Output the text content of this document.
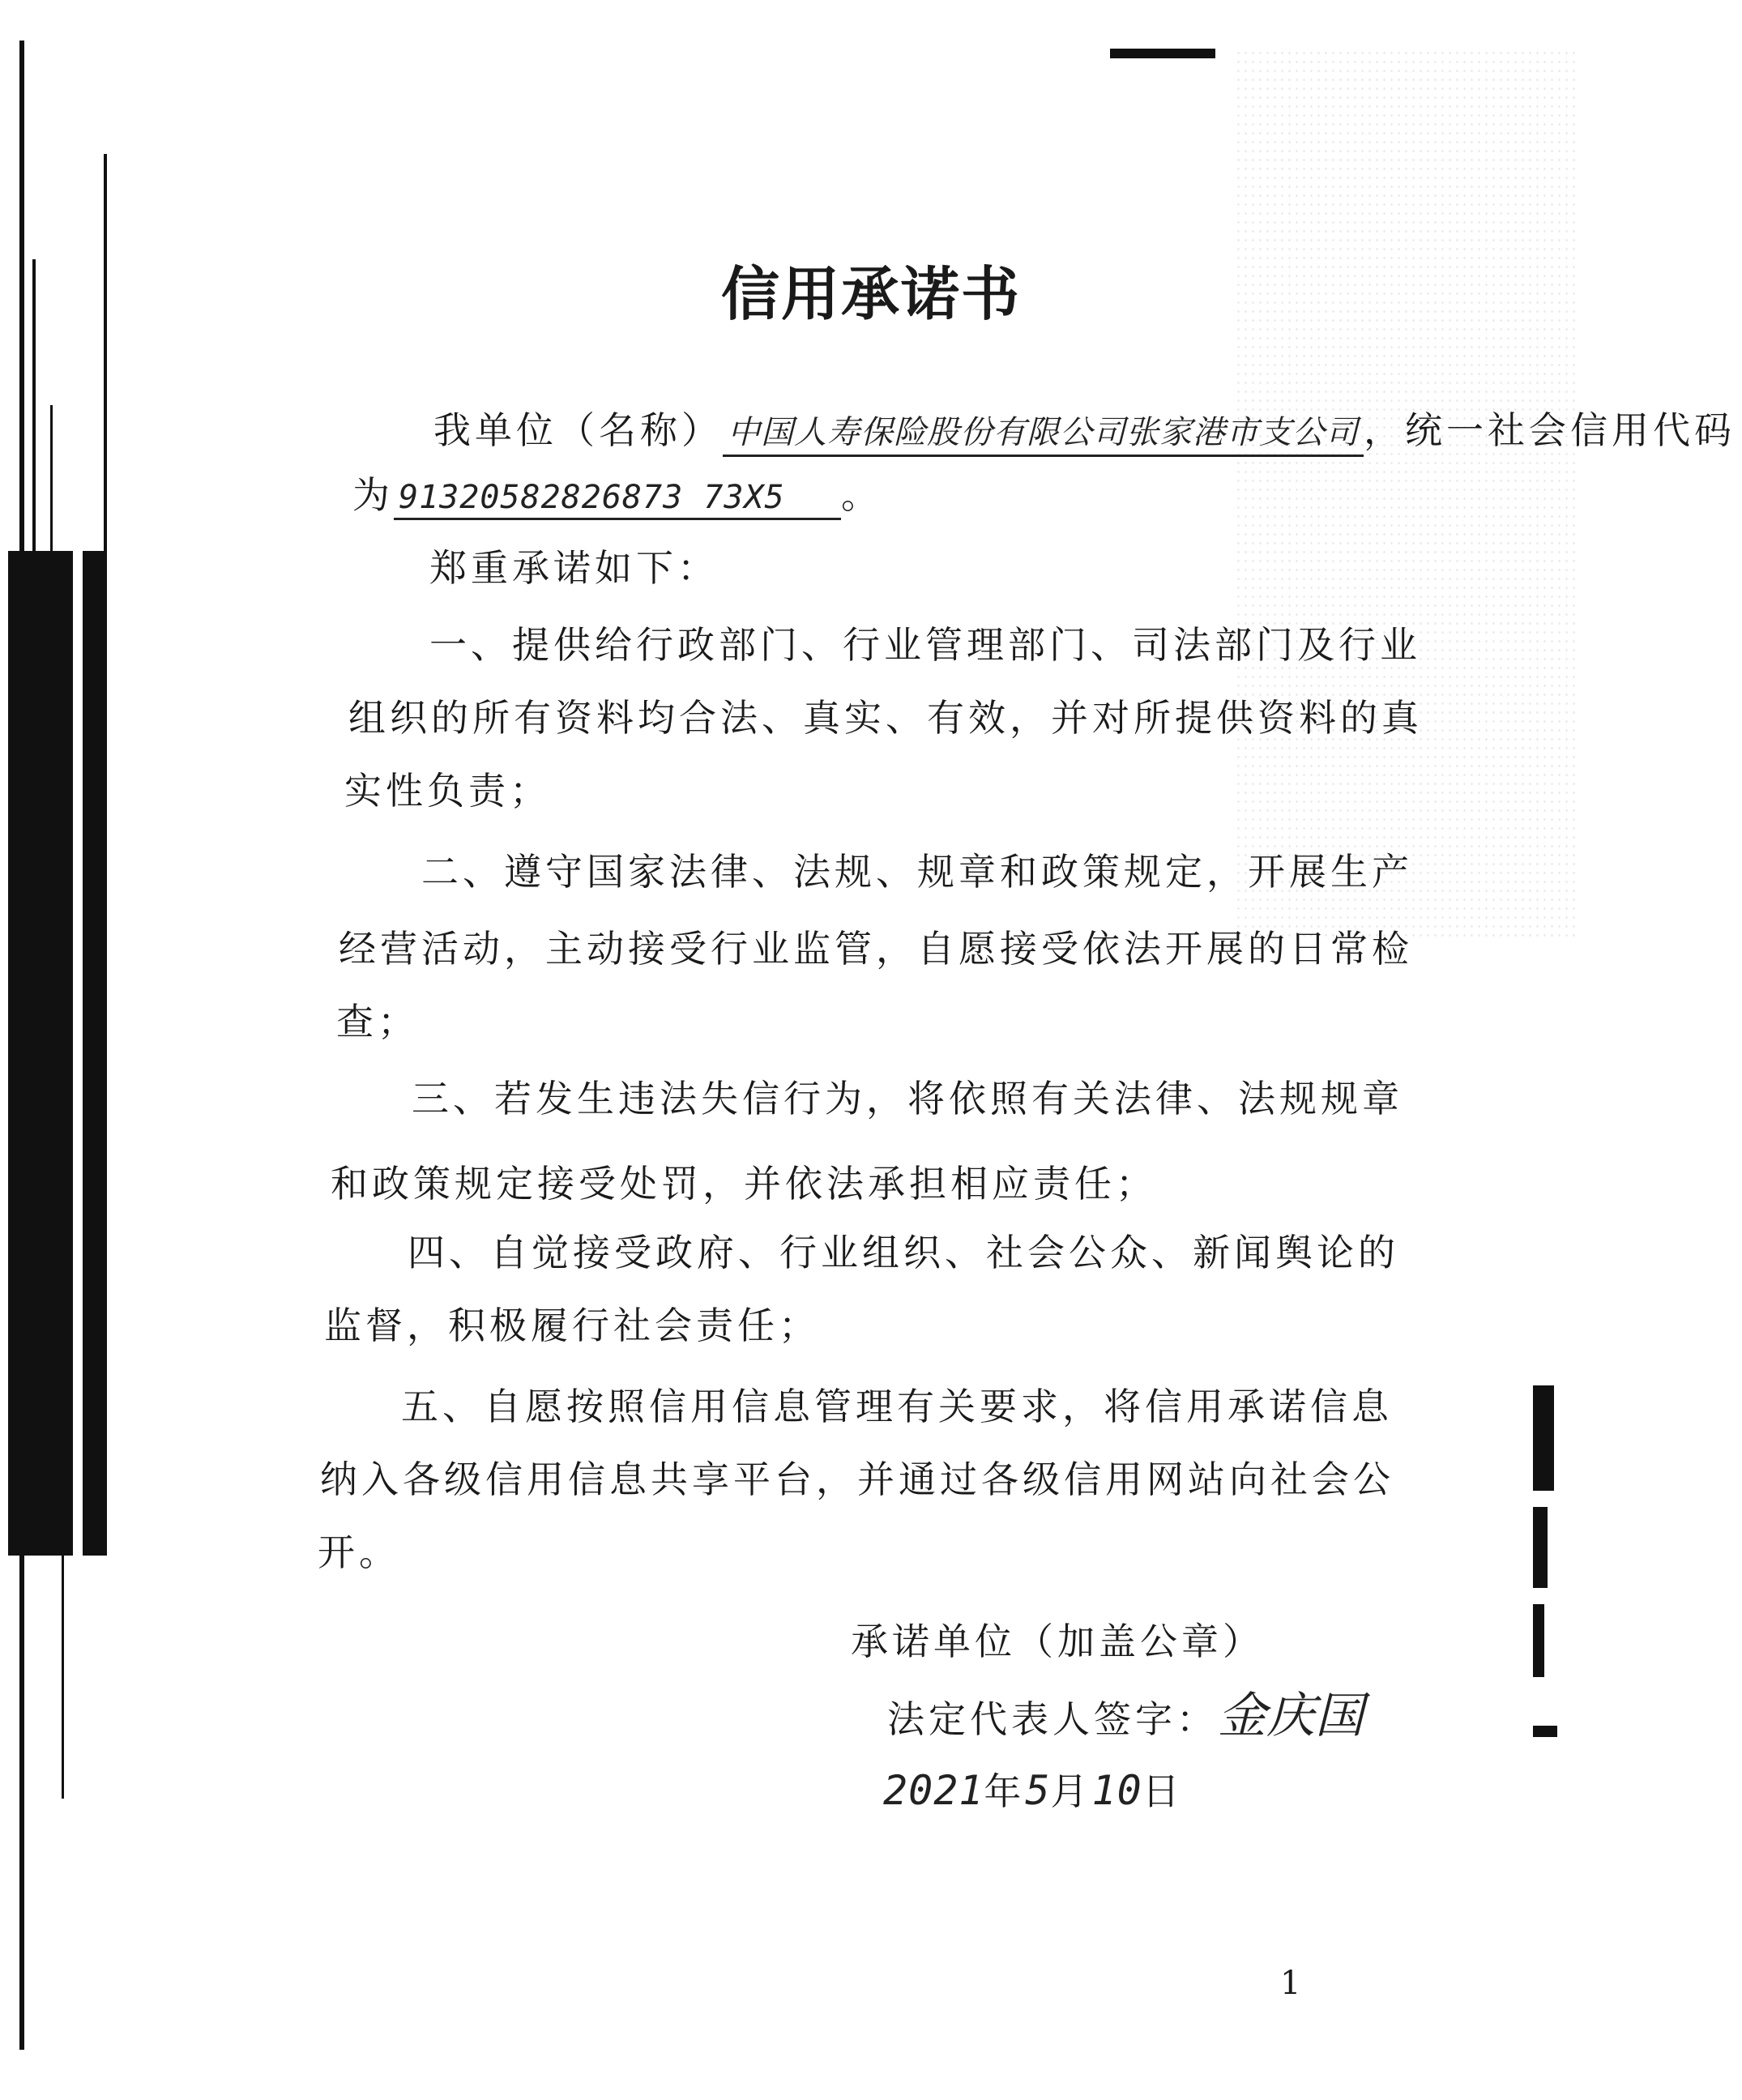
信用承诺书
我单位（名称） 中国人寿保险股份有限公司张家港市支公司 ，统一社会信用代码
为 91320582826873 73X5 。
郑重承诺如下：
一、提供给行政部门、行业管理部门、司法部门及行业
组织的所有资料均合法、真实、有效，并对所提供资料的真
实性负责；
二、遵守国家法律、法规、规章和政策规定，开展生产
经营活动，主动接受行业监管，自愿接受依法开展的日常检
查；
三、若发生违法失信行为，将依照有关法律、法规规章
和政策规定接受处罚，并依法承担相应责任；
四、自觉接受政府、行业组织、社会公众、新闻舆论的
监督，积极履行社会责任；
五、自愿按照信用信息管理有关要求，将信用承诺信息
纳入各级信用信息共享平台，并通过各级信用网站向社会公
开。
承诺单位（加盖公章）
法定代表人签字：金庆国
2021年5月10日
1
